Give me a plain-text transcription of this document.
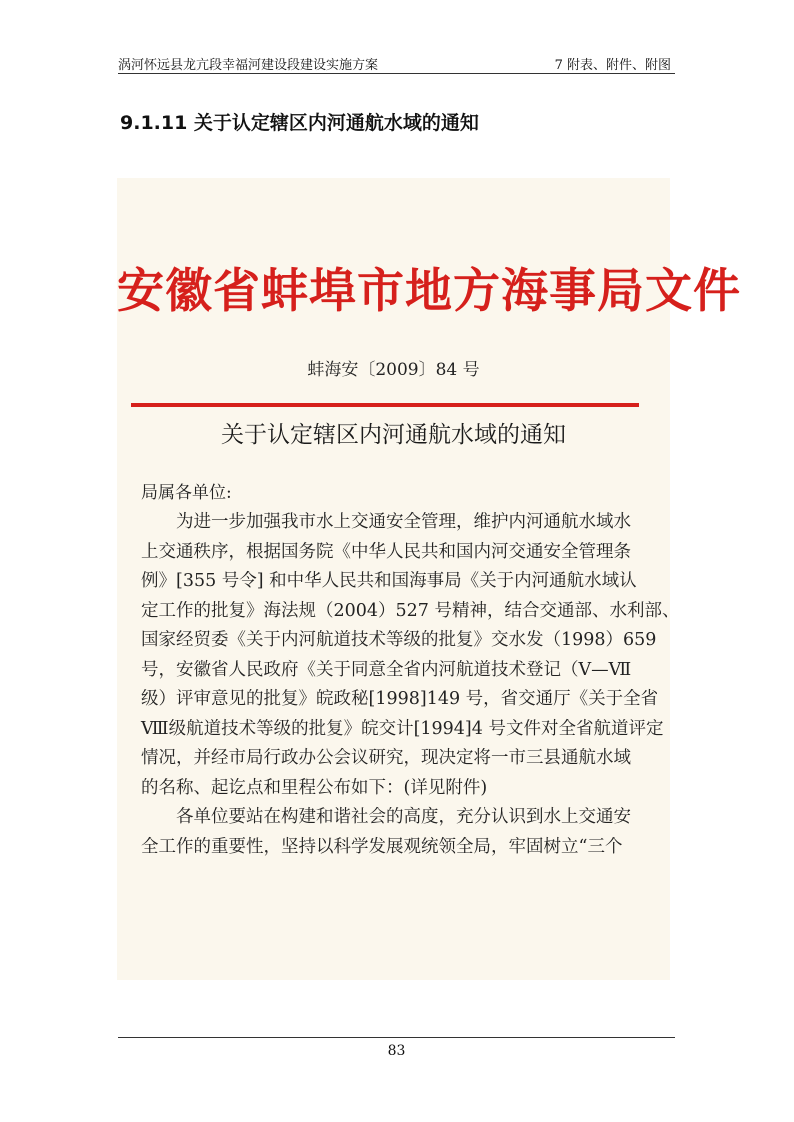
涡河怀远县龙亢段幸福河建设段建设实施方案	7 附表、附件、附图
9.1.11 关于认定辖区内河通航水域的通知
安徽省蚌埠市地方海事局文件
蚌海安〔2009〕84 号
关于认定辖区内河通航水域的通知
局属各单位:
为进一步加强我市水上交通安全管理，维护内河通航水域水
上交通秩序，根据国务院《中华人民共和国内河交通安全管理条
例》[355 号令] 和中华人民共和国海事局《关于内河通航水域认
定工作的批复》海法规（2004）527 号精神，结合交通部、水利部、
国家经贸委《关于内河航道技术等级的批复》交水发（1998）659
号，安徽省人民政府《关于同意全省内河航道技术登记（Ⅴ—Ⅶ
级）评审意见的批复》皖政秘[1998]149 号，省交通厅《关于全省
Ⅷ级航道技术等级的批复》皖交计[1994]4 号文件对全省航道评定
情况，并经市局行政办公会议研究，现决定将一市三县通航水域
的名称、起讫点和里程公布如下：(详见附件)
各单位要站在构建和谐社会的高度，充分认识到水上交通安
全工作的重要性，坚持以科学发展观统领全局，牢固树立“三个
83
